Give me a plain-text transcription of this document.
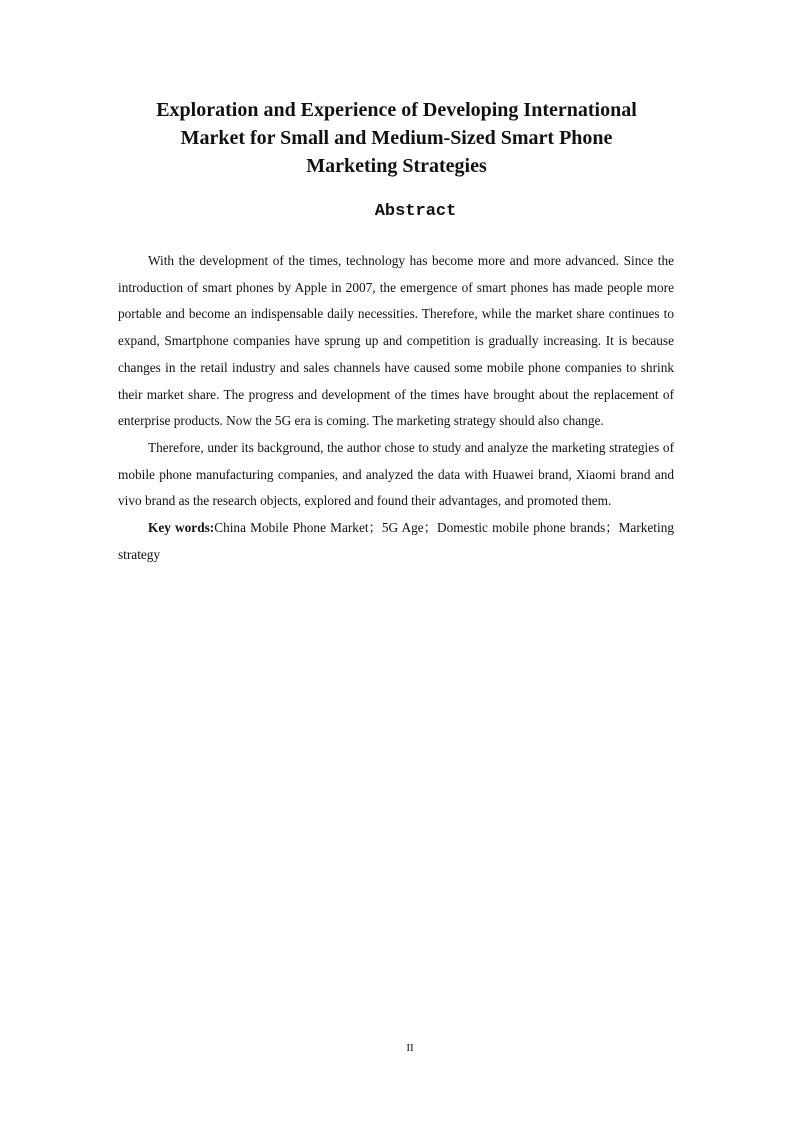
Exploration and Experience of Developing International
Market for Small and Medium-Sized Smart Phone
Marketing Strategies
Abstract

With the development of the times, technology has become more and more advanced. Since the introduction of smart phones by Apple in 2007, the emergence of smart phones has made people more portable and become an indispensable daily necessities. Therefore, while the market share continues to expand, Smartphone companies have sprung up and competition is gradually increasing. It is because changes in the retail industry and sales channels have caused some mobile phone companies to shrink their market share. The progress and development of the times have brought about the replacement of enterprise products. Now the 5G era is coming. The marketing strategy should also change.

Therefore, under its background, the author chose to study and analyze the marketing strategies of mobile phone manufacturing companies, and analyzed the data with Huawei brand, Xiaomi brand and vivo brand as the research objects, explored and found their advantages, and promoted them.

Key words:China Mobile Phone Market；5G Age；Domestic mobile phone brands；Marketing strategy

II
